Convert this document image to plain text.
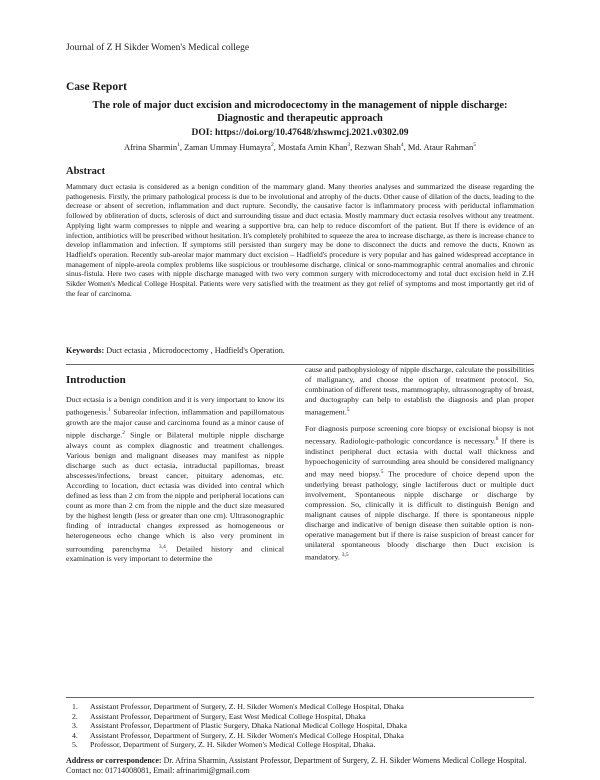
Journal of Z H Sikder Women's Medical college
Case Report
The role of major duct excision and microdocectomy in the management of nipple discharge: Diagnostic and therapeutic approach
DOI: https://doi.org/10.47648/zhswmcj.2021.v0302.09
Afrina Sharmin$^1$, Zaman Ummay Humayra$^2$, Mostafa Amin Khan$^3$, Rezwan Shah$^4$, Md. Ataur Rahman$^5$
Abstract
Mammary duct ectasia is considered as a benign condition of the mammary gland. Many theories analyses and summarized the disease regarding the pathogenesis. Firstly, the primary pathological process is due to be involutional and atrophy of the ducts. Other cause of dilation of the ducts, leading to the decrease or absent of secretion, inflammation and duct rupture. Secondly, the causative factor is inflammatory process with periductal inflammation followed by obliteration of ducts, sclerosis of duct and surrounding tissue and duct ectasia. Mostly mammary duct ectasia resolves without any treatment. Applying light warm compresses to nipple and wearing a supportive bra, can help to reduce discomfort of the patient. But If there is evidence of an infection, antibiotics will be prescribed without hesitation. It's completely prohibited to squeeze the area to increase discharge, as there is increase chance to develop inflammation and infection. If symptoms still persisted than surgery may be done to disconnect the ducts and remove the ducts, Known as Hadfield's operation. Recently sub-areolar major mammary duct excision – Hadfield's procedure is very popular and has gained widespread acceptance in management of nipple-areola complex problems like suspicious or troublesome discharge, clinical or sono-mammographic central anomalies and chronic sinus-fistula. Here two cases with nipple discharge managed with two very common surgery with microdocectomy and total duct excision held in Z.H Sikder Women's Medical College Hospital. Patients were very satisfied with the treatment as they got relief of symptoms and most importantly get rid of the fear of carcinoma.
Keywords: Duct ectasia , Microdocectomy , Hadfield's Operation.
Introduction

Duct ectasia is a benign condition and it is very important to know its pathogenesis.$^1$ Subareolar infection, inflammation and papillomatous growth are the major cause and carcinoma found as a minor cause of nipple discharge.$^2$ Single or Bilateral multiple nipple discharge always count as complex diagnostic and treatment challenges. Various benign and malignant diseases may manifest as nipple discharge such as duct ectasia, intraductal papillomas, breast abscesses/infections, breast cancer, pituitary adenomas, etc. According to location, duct ectasia was divided into central which defined as less than 2 cm from the nipple and peripheral locations can count as more than 2 cm from the nipple and the duct size measured by the highest length (less or greater than one cm). Ultrasonographic finding of intraductal changes expressed as homogeneous or heterogeneous echo change which is also very prominent in surrounding parenchyma $^{3,4}$. Detailed history and clinical examination is very important to determine the

cause and pathophysiology of nipple discharge, calculate the possibilities of malignancy, and choose the option of treatment protocol. So, combination of different tests, mammography, ultrasonography of breast, and ductography can help to establish the diagnosis and plan proper management.$^5$

For diagnosis purpose screening core biopsy or excisional biopsy is not necessary. Radiologic-pathologic concordance is necessary.$^6$ If there is indistinct peripheral duct ectasia with ductal wall thickness and hypoechogenicity of surrounding area should be considered malignancy and may need biopsy.$^5$ The procedure of choice depend upon the underlying breast pathology, single lactiferous duct or multiple duct involvement, Spontaneous nipple discharge or discharge by compression. So, clinically it is difficult to distinguish Benign and malignant causes of nipple discharge. If there is spontaneous nipple discharge and indicative of benign disease then suitable option is non-operative management but if there is raise suspicion of breast cancer for unilateral spontaneous bloody discharge then Duct excision is mandatory. $^{3,5}$

1.	Assistant Professor, Department of Surgery, Z. H. Sikder Women's Medical College Hospital, Dhaka
2.	Assistant Professor, Department of Surgery, East West Medical College Hospital, Dhaka
3.	Assistant Professor, Department of Plastic Surgery, Dhaka National Medical College Hospital, Dhaka
4.	Assistant Professor, Department of Surgery, Z. H. Sikder Women's Medical College Hospital, Dhaka
5.	Professor, Department of Surgery, Z. H. Sikder Women's Medical College Hospital, Dhaka.
Address or correspondence: Dr. Afrina Sharmin, Assistant Professor, Department of Surgery, Z. H. Sikder Womens Medical College Hospital. Contact no: 01714008081, Email: afrinarimi@gmail.com
